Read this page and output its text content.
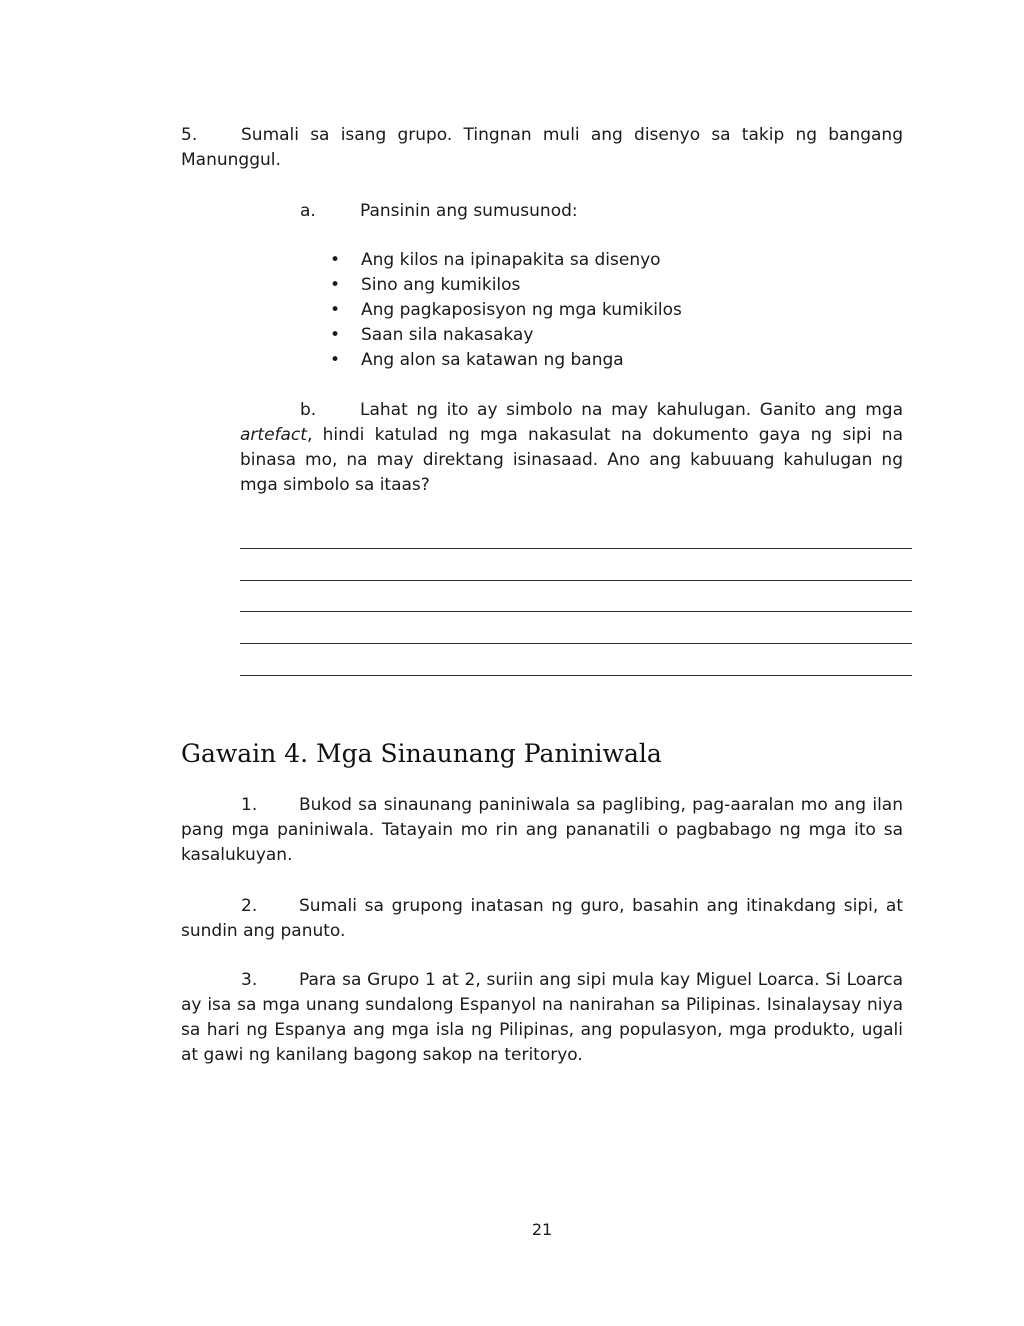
5.	Sumali sa isang grupo. Tingnan muli ang disenyo sa takip ng bangang Manunggul.

a.	Pansinin ang sumusunod:
• Ang kilos na ipinapakita sa disenyo
• Sino ang kumikilos
• Ang pagkaposisyon ng mga kumikilos
• Saan sila nakasakay
• Ang alon sa katawan ng banga

b.	Lahat ng ito ay simbolo na may kahulugan. Ganito ang mga artefact, hindi katulad ng mga nakasulat na dokumento gaya ng sipi na binasa mo, na may direktang isinasaad. Ano ang kabuuang kahulugan ng mga simbolo sa itaas?

Gawain 4. Mga Sinaunang Paniniwala

1. Bukod sa sinaunang paniniwala sa paglibing, pag-aaralan mo ang ilan pang mga paniniwala. Tatayain mo rin ang pananatili o pagbabago ng mga ito sa kasalukuyan.

2. Sumali sa grupong inatasan ng guro, basahin ang itinakdang sipi, at sundin ang panuto.

3. Para sa Grupo 1 at 2, suriin ang sipi mula kay Miguel Loarca. Si Loarca ay isa sa mga unang sundalong Espanyol na nanirahan sa Pilipinas. Isinalaysay niya sa hari ng Espanya ang mga isla ng Pilipinas, ang populasyon, mga produkto, ugali at gawi ng kanilang bagong sakop na teritoryo.

21
